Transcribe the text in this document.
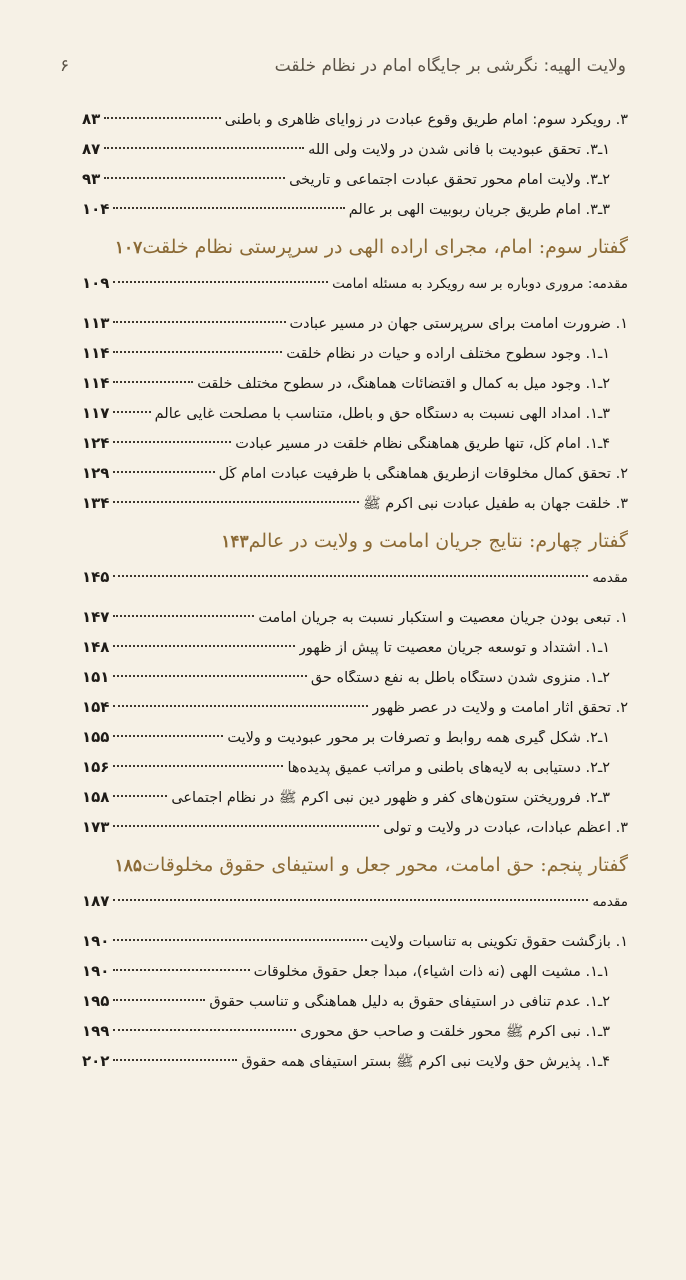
ولایت الهیه: نگرشی بر جایگاه امام در نظام خلقت
۶
۳. رویکرد سوم: امام طریق وقوع عبادت در زوایای ظاهری و باطنی
۸۳
۱ـ۳. تحقق عبودیت با فانی شدن در ولایت ولی الله
۸۷
۲ـ۳. ولایت امام محور تحقق عبادت اجتماعی و تاریخی
۹۳
۳ـ۳. امام طریق جریان ربوبیت الهی بر عالم
۱۰۴
گفتار سوم: امام، مجرای اراده الهی در سرپرستی نظام خلقت
۱۰۷
مقدمه: مروری دوباره بر سه رویکرد به مسئله امامت
۱۰۹
۱. ضرورت امامت برای سرپرستی جهان در مسیر عبادت
۱۱۳
۱ـ۱. وجود سطوح مختلف اراده و حیات در نظام خلقت
۱۱۴
۲ـ۱. وجود میل به کمال و اقتضائات هماهنگ، در سطوح مختلف خلقت
۱۱۴
۳ـ۱. امداد الهی نسبت به دستگاه حق و باطل، متناسب با مصلحت غایی عالم
۱۱۷
۴ـ۱. امام کُل، تنها طریق هماهنگی نظام خلقت در مسیر عبادت
۱۲۴
۲. تحقق کمال مخلوقات ازطریق هماهنگی با ظرفیت عبادت امام کُل
۱۲۹
۳. خلقت جهان به طفیل عبادت نبی اکرم ﷺ
۱۳۴
گفتار چهارم: نتایج جریان امامت و ولایت در عالم
۱۴۳
مقدمه
۱۴۵
۱. تبعی بودن جریان معصیت و استکبار نسبت به جریان امامت
۱۴۷
۱ـ۱. اشتداد و توسعه جریان معصیت تا پیش از ظهور
۱۴۸
۲ـ۱. منزوی شدن دستگاه باطل به نفع دستگاه حق
۱۵۱
۲. تحقق آثار امامت و ولایت در عصر ظهور
۱۵۴
۱ـ۲. شکل گیری همه روابط و تصرفات بر محور عبودیت و ولایت
۱۵۵
۲ـ۲. دستیابی به لایه‌های باطنی و مراتب عمیق پدیده‌ها
۱۵۶
۳ـ۲. فروریختن ستون‌های کفر و ظهور دین نبی اکرم ﷺ در نظام اجتماعی
۱۵۸
۳. اعظم عبادات، عبادت در ولایت و تولی
۱۷۳
گفتار پنجم: حق امامت، محور جعل و استیفای حقوق مخلوقات
۱۸۵
مقدمه
۱۸۷
۱. بازگشت حقوق تکوینی به تناسبات ولایت
۱۹۰
۱ـ۱. مشیت الهی (نه ذات اشیاء)، مبدأ جعل حقوق مخلوقات
۱۹۰
۲ـ۱. عدم تنافی در استیفای حقوق به دلیل هماهنگی و تناسب حقوق
۱۹۵
۳ـ۱. نبی اکرم ﷺ محور خلقت و صاحب حق محوری
۱۹۹
۴ـ۱. پذیرش حق ولایت نبی اکرم ﷺ بستر استیفای همه حقوق
۲۰۲
